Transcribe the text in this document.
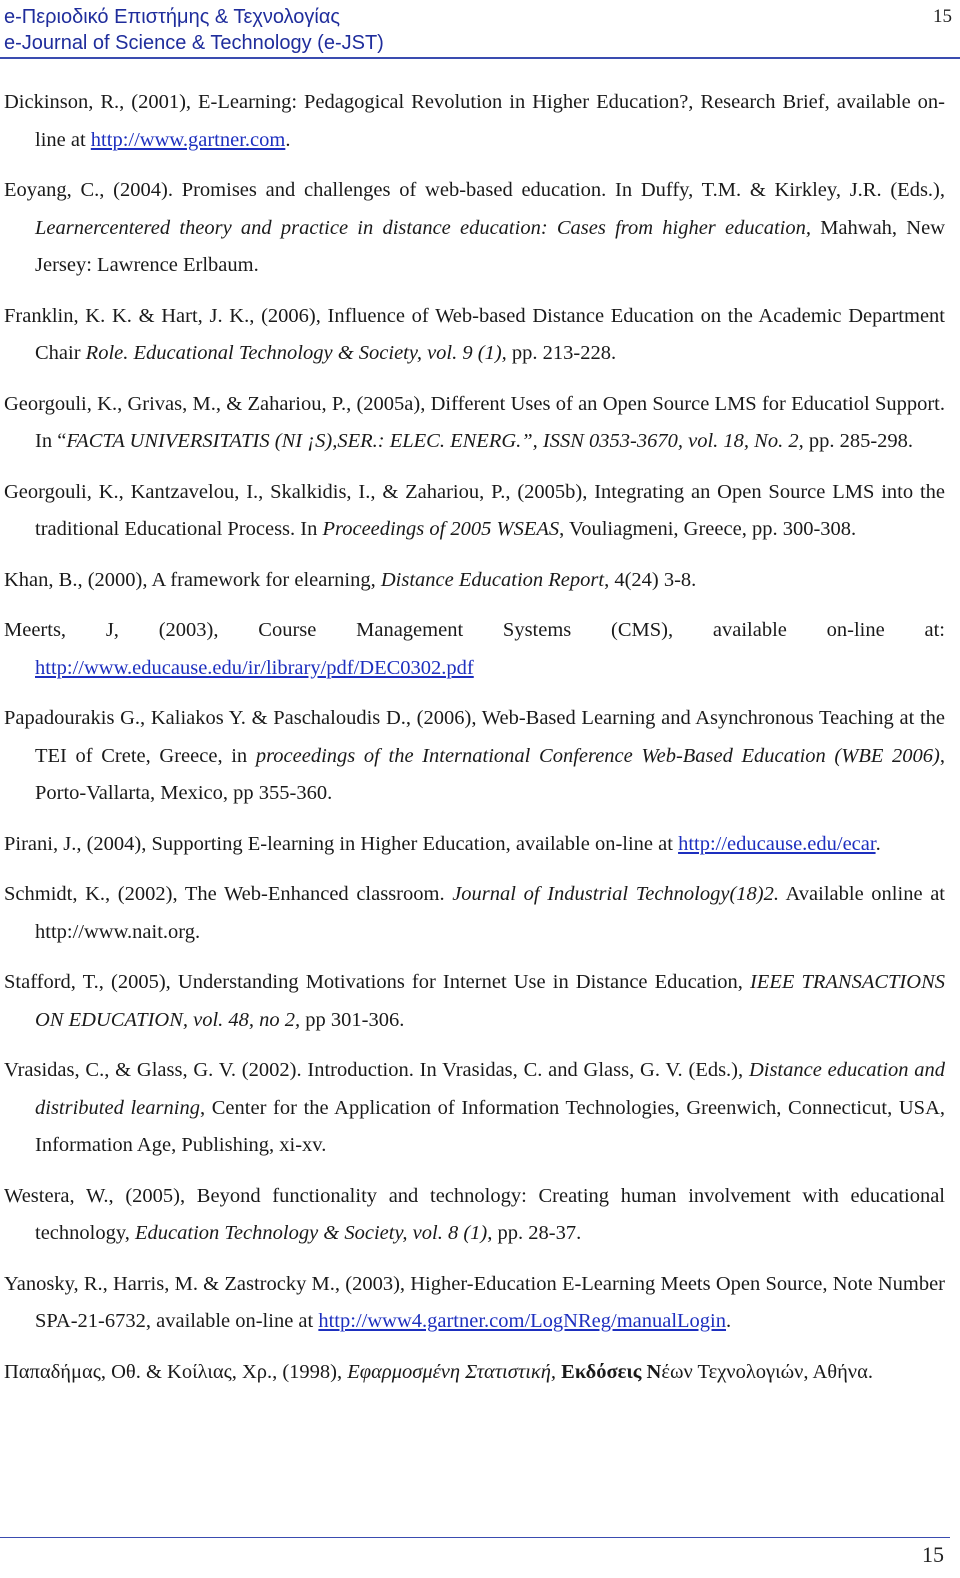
e-Περιοδικό Επιστήμης & Τεχνολογίας
e-Journal of Science & Technology (e-JST)
15
Dickinson, R., (2001), E-Learning: Pedagogical Revolution in Higher Education?, Research Brief, available on-line at http://www.gartner.com.
Eoyang, C., (2004). Promises and challenges of web-based education. In Duffy, T.M. & Kirkley, J.R. (Eds.), Learnercentered theory and practice in distance education: Cases from higher education, Mahwah, New Jersey: Lawrence Erlbaum.
Franklin, K. K. & Hart, J. K., (2006), Influence of Web-based Distance Education on the Academic Department Chair Role. Educational Technology & Society, vol. 9 (1), pp. 213-228.
Georgouli, K., Grivas, M., & Zahariou, P., (2005a), Different Uses of an Open Source LMS for Educatiol Support. In “FACTA UNIVERSITATIS (NI ¡S),SER.: ELEC. ENERG.”, ISSN 0353-3670, vol. 18, No. 2, pp. 285-298.
Georgouli, K., Kantzavelou, I., Skalkidis, I., & Zahariou, P., (2005b), Integrating an Open Source LMS into the traditional Educational Process. In Proceedings of 2005 WSEAS, Vouliagmeni, Greece, pp. 300-308.
Khan, B., (2000), A framework for elearning, Distance Education Report, 4(24) 3-8.
Meerts, J, (2003), Course Management Systems (CMS), available on-line at: http://www.educause.edu/ir/library/pdf/DEC0302.pdf
Papadourakis G., Kaliakos Y. & Paschaloudis D., (2006), Web-Based Learning and Asynchronous Teaching at the TEI of Crete, Greece, in proceedings of the International Conference Web-Based Education (WBE 2006), Porto-Vallarta, Mexico, pp 355-360.
Pirani, J., (2004), Supporting E-learning in Higher Education, available on-line at http://educause.edu/ecar.
Schmidt, K., (2002), The Web-Enhanced classroom. Journal of Industrial Technology(18)2. Available online at http://www.nait.org.
Stafford, T., (2005), Understanding Motivations for Internet Use in Distance Education, IEEE TRANSACTIONS ON EDUCATION, vol. 48, no 2, pp 301-306.
Vrasidas, C., & Glass, G. V. (2002). Introduction. In Vrasidas, C. and Glass, G. V. (Eds.), Distance education and distributed learning, Center for the Application of Information Technologies, Greenwich, Connecticut, USA, Information Age, Publishing, xi-xv.
Westera, W., (2005), Beyond functionality and technology: Creating human involvement with educational technology, Education Technology & Society, vol. 8 (1), pp. 28-37.
Yanosky, R., Harris, M. & Zastrocky M., (2003), Higher-Education E-Learning Meets Open Source, Note Number SPA-21-6732, available on-line at http://www4.gartner.com/LogNReg/manualLogin.
Παπαδήμας, Οθ. & Κοίλιας, Χρ., (1998), Εφαρμοσμένη Στατιστική, Εκδόσεις Νέων Τεχνολογιών, Αθήνα.
15
